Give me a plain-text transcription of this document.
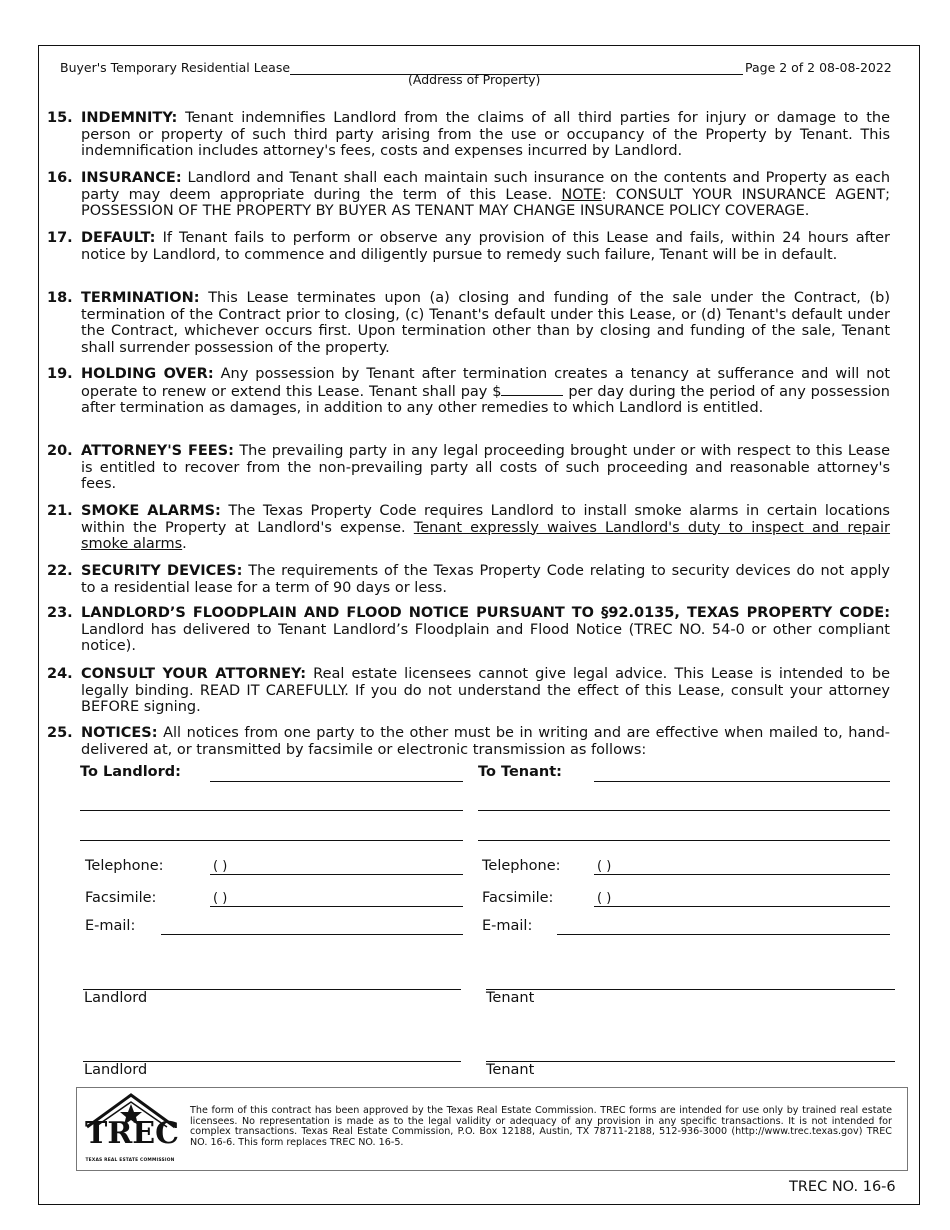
Buyer's Temporary Residential Lease
(Address of Property)
Page 2 of 2 08-08-2022
15. INDEMNITY: Tenant indemnifies Landlord from the claims of all third parties for injury or damage to the person or property of such third party arising from the use or occupancy of the Property by Tenant. This indemnification includes attorney's fees, costs and expenses incurred by Landlord.
16. INSURANCE: Landlord and Tenant shall each maintain such insurance on the contents and Property as each party may deem appropriate during the term of this Lease. NOTE: CONSULT YOUR INSURANCE AGENT; POSSESSION OF THE PROPERTY BY BUYER AS TENANT MAY CHANGE INSURANCE POLICY COVERAGE.
17. DEFAULT: If Tenant fails to perform or observe any provision of this Lease and fails, within 24 hours after notice by Landlord, to commence and diligently pursue to remedy such failure, Tenant will be in default.
18. TERMINATION: This Lease terminates upon (a) closing and funding of the sale under the Contract, (b) termination of the Contract prior to closing, (c) Tenant's default under this Lease, or (d) Tenant's default under the Contract, whichever occurs first. Upon termination other than by closing and funding of the sale, Tenant shall surrender possession of the property.
19. HOLDING OVER: Any possession by Tenant after termination creates a tenancy at sufferance and will not operate to renew or extend this Lease. Tenant shall pay $	per day during the period of any possession after termination as damages, in addition to any other remedies to which Landlord is entitled.
20. ATTORNEY'S FEES: The prevailing party in any legal proceeding brought under or with respect to this Lease is entitled to recover from the non-prevailing party all costs of such proceeding and reasonable attorney's fees.
21. SMOKE ALARMS: The Texas Property Code requires Landlord to install smoke alarms in certain locations within the Property at Landlord's expense. Tenant expressly waives Landlord's duty to inspect and repair smoke alarms.
22. SECURITY DEVICES: The requirements of the Texas Property Code relating to security devices do not apply to a residential lease for a term of 90 days or less.
23. LANDLORD’S FLOODPLAIN AND FLOOD NOTICE PURSUANT TO §92.0135, TEXAS PROPERTY CODE: Landlord has delivered to Tenant Landlord’s Floodplain and Flood Notice (TREC NO. 54-0 or other compliant notice).
24. CONSULT YOUR ATTORNEY: Real estate licensees cannot give legal advice. This Lease is intended to be legally binding. READ IT CAREFULLY. If you do not understand the effect of this Lease, consult your attorney BEFORE signing.
25. NOTICES: All notices from one party to the other must be in writing and are effective when mailed to, hand-delivered at, or transmitted by facsimile or electronic transmission as follows:
To Landlord:	To Tenant:
Telephone:	( )
Facsimile:	( )
E-mail:
Telephone:	( )
Facsimile:	( )
E-mail:
Landlord	Tenant
Landlord	Tenant
TREC
TEXAS REAL ESTATE COMMISSION
The form of this contract has been approved by the Texas Real Estate Commission. TREC forms are intended for use only by trained real estate licensees. No representation is made as to the legal validity or adequacy of any provision in any specific transactions. It is not intended for complex transactions. Texas Real Estate Commission, P.O. Box 12188, Austin, TX 78711-2188, 512-936-3000 (http://www.trec.texas.gov) TREC NO. 16-6. This form replaces TREC NO. 16-5.
TREC NO. 16-6
